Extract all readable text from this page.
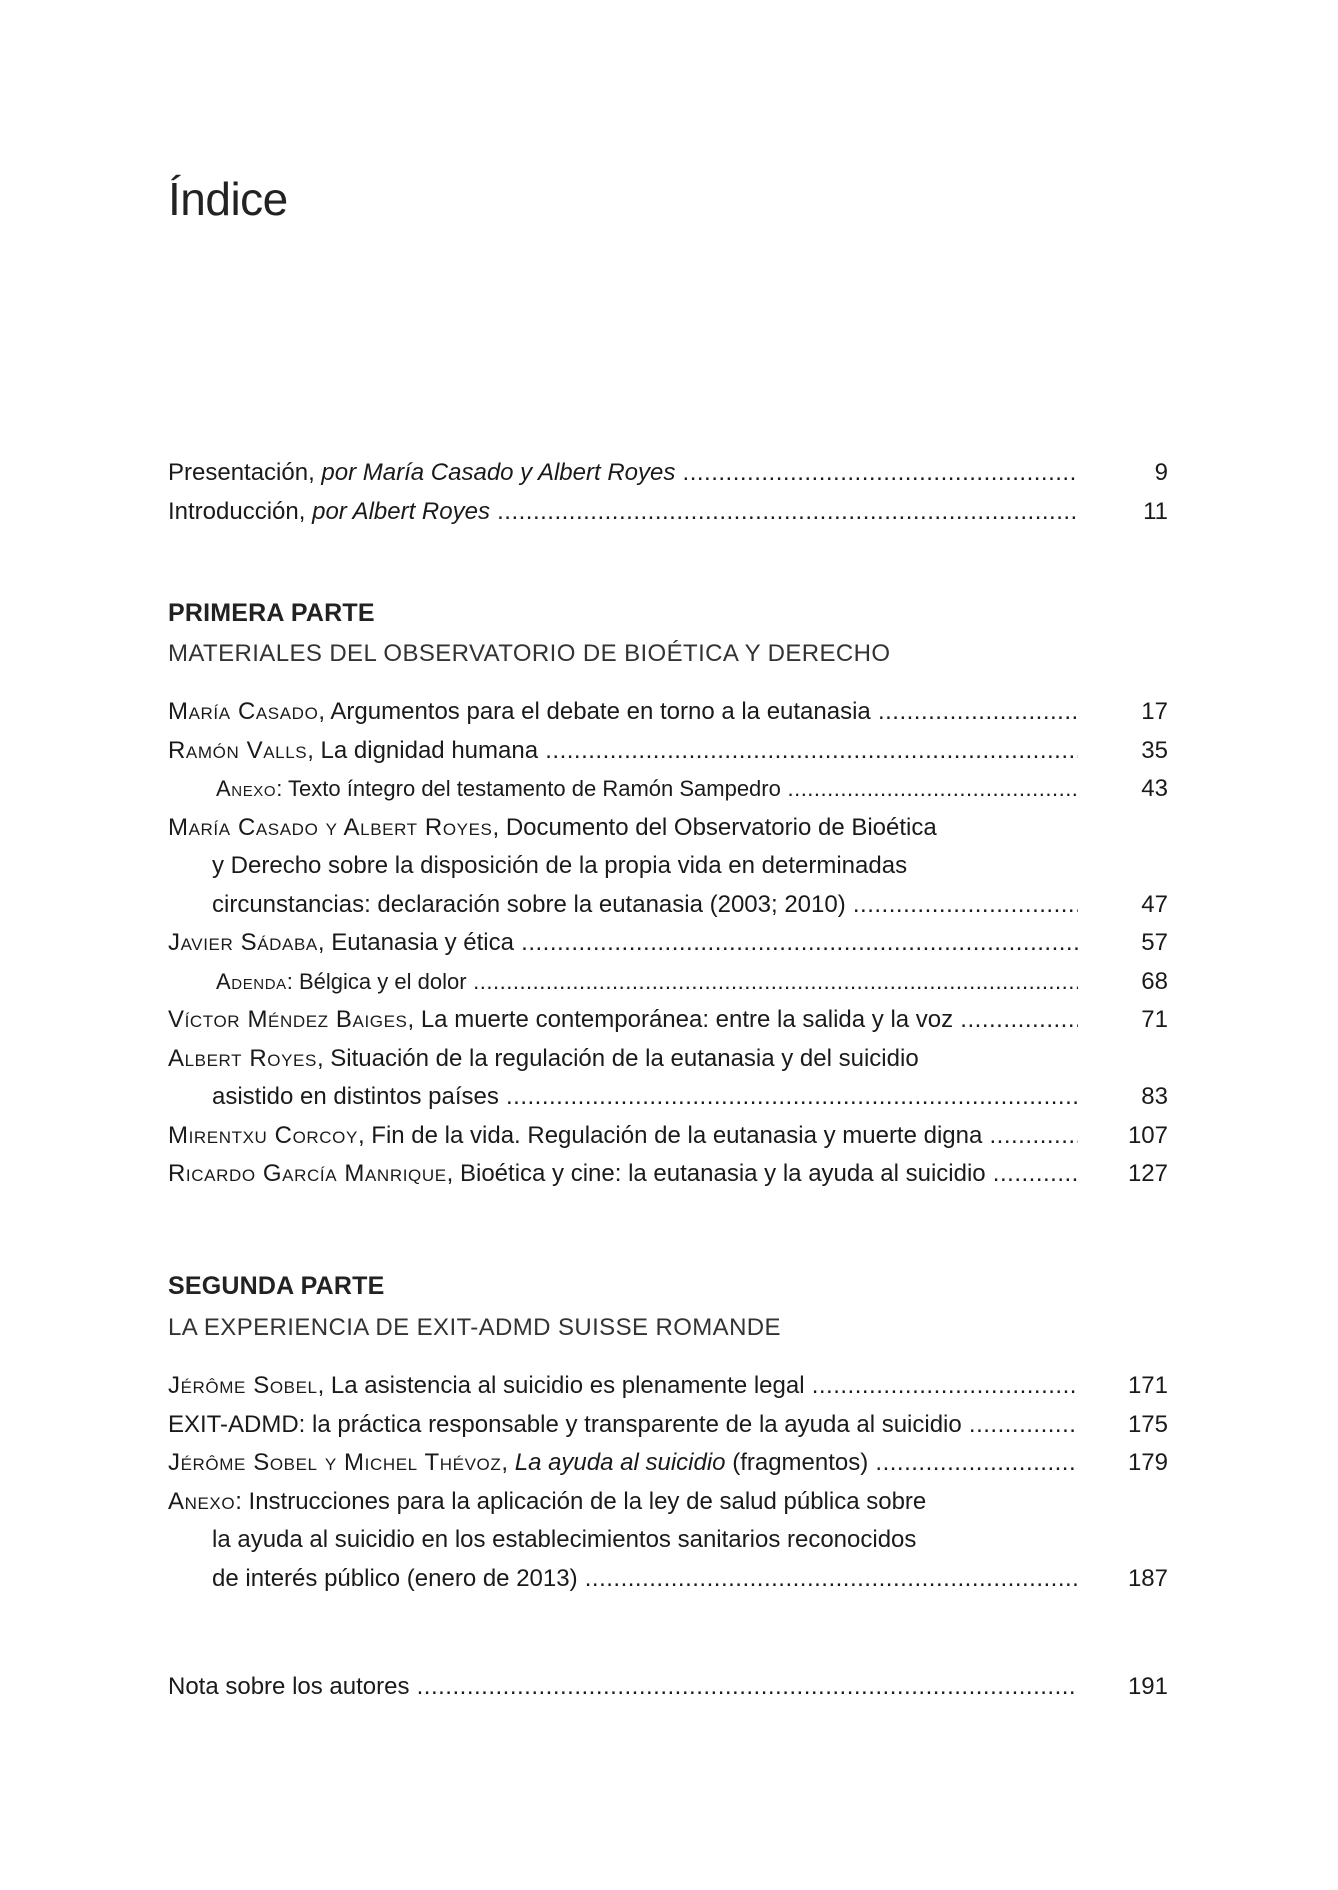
Índice
Presentación, por María Casado y Albert Royes .....	9
Introducción, por Albert Royes .....	11
PRIMERA PARTE
MATERIALES DEL OBSERVATORIO DE BIOÉTICA Y DERECHO
María Casado, Argumentos para el debate en torno a la eutanasia .....	17
Ramón Valls, La dignidad humana .....	35
Anexo: Texto íntegro del testamento de Ramón Sampedro .....	43
María Casado y Albert Royes, Documento del Observatorio de Bioética
y Derecho sobre la disposición de la propia vida en determinadas
circunstancias: declaración sobre la eutanasia (2003; 2010) .....	47
Javier Sádaba, Eutanasia y ética .....	57
Adenda: Bélgica y el dolor .....	68
Víctor Méndez Baiges, La muerte contemporánea: entre la salida y la voz .....	71
Albert Royes, Situación de la regulación de la eutanasia y del suicidio
asistido en distintos países .....	83
Mirentxu Corcoy, Fin de la vida. Regulación de la eutanasia y muerte digna .....	107
Ricardo García Manrique, Bioética y cine: la eutanasia y la ayuda al suicidio .....	127
SEGUNDA PARTE
LA EXPERIENCIA DE EXIT-ADMD SUISSE ROMANDE
Jérôme Sobel, La asistencia al suicidio es plenamente legal .....	171
EXIT-ADMD: la práctica responsable y transparente de la ayuda al suicidio .....	175
Jérôme Sobel y Michel Thévoz, La ayuda al suicidio (fragmentos) .....	179
Anexo: Instrucciones para la aplicación de la ley de salud pública sobre
la ayuda al suicidio en los establecimientos sanitarios reconocidos
de interés público (enero de 2013) .....	187
Nota sobre los autores .....	191
